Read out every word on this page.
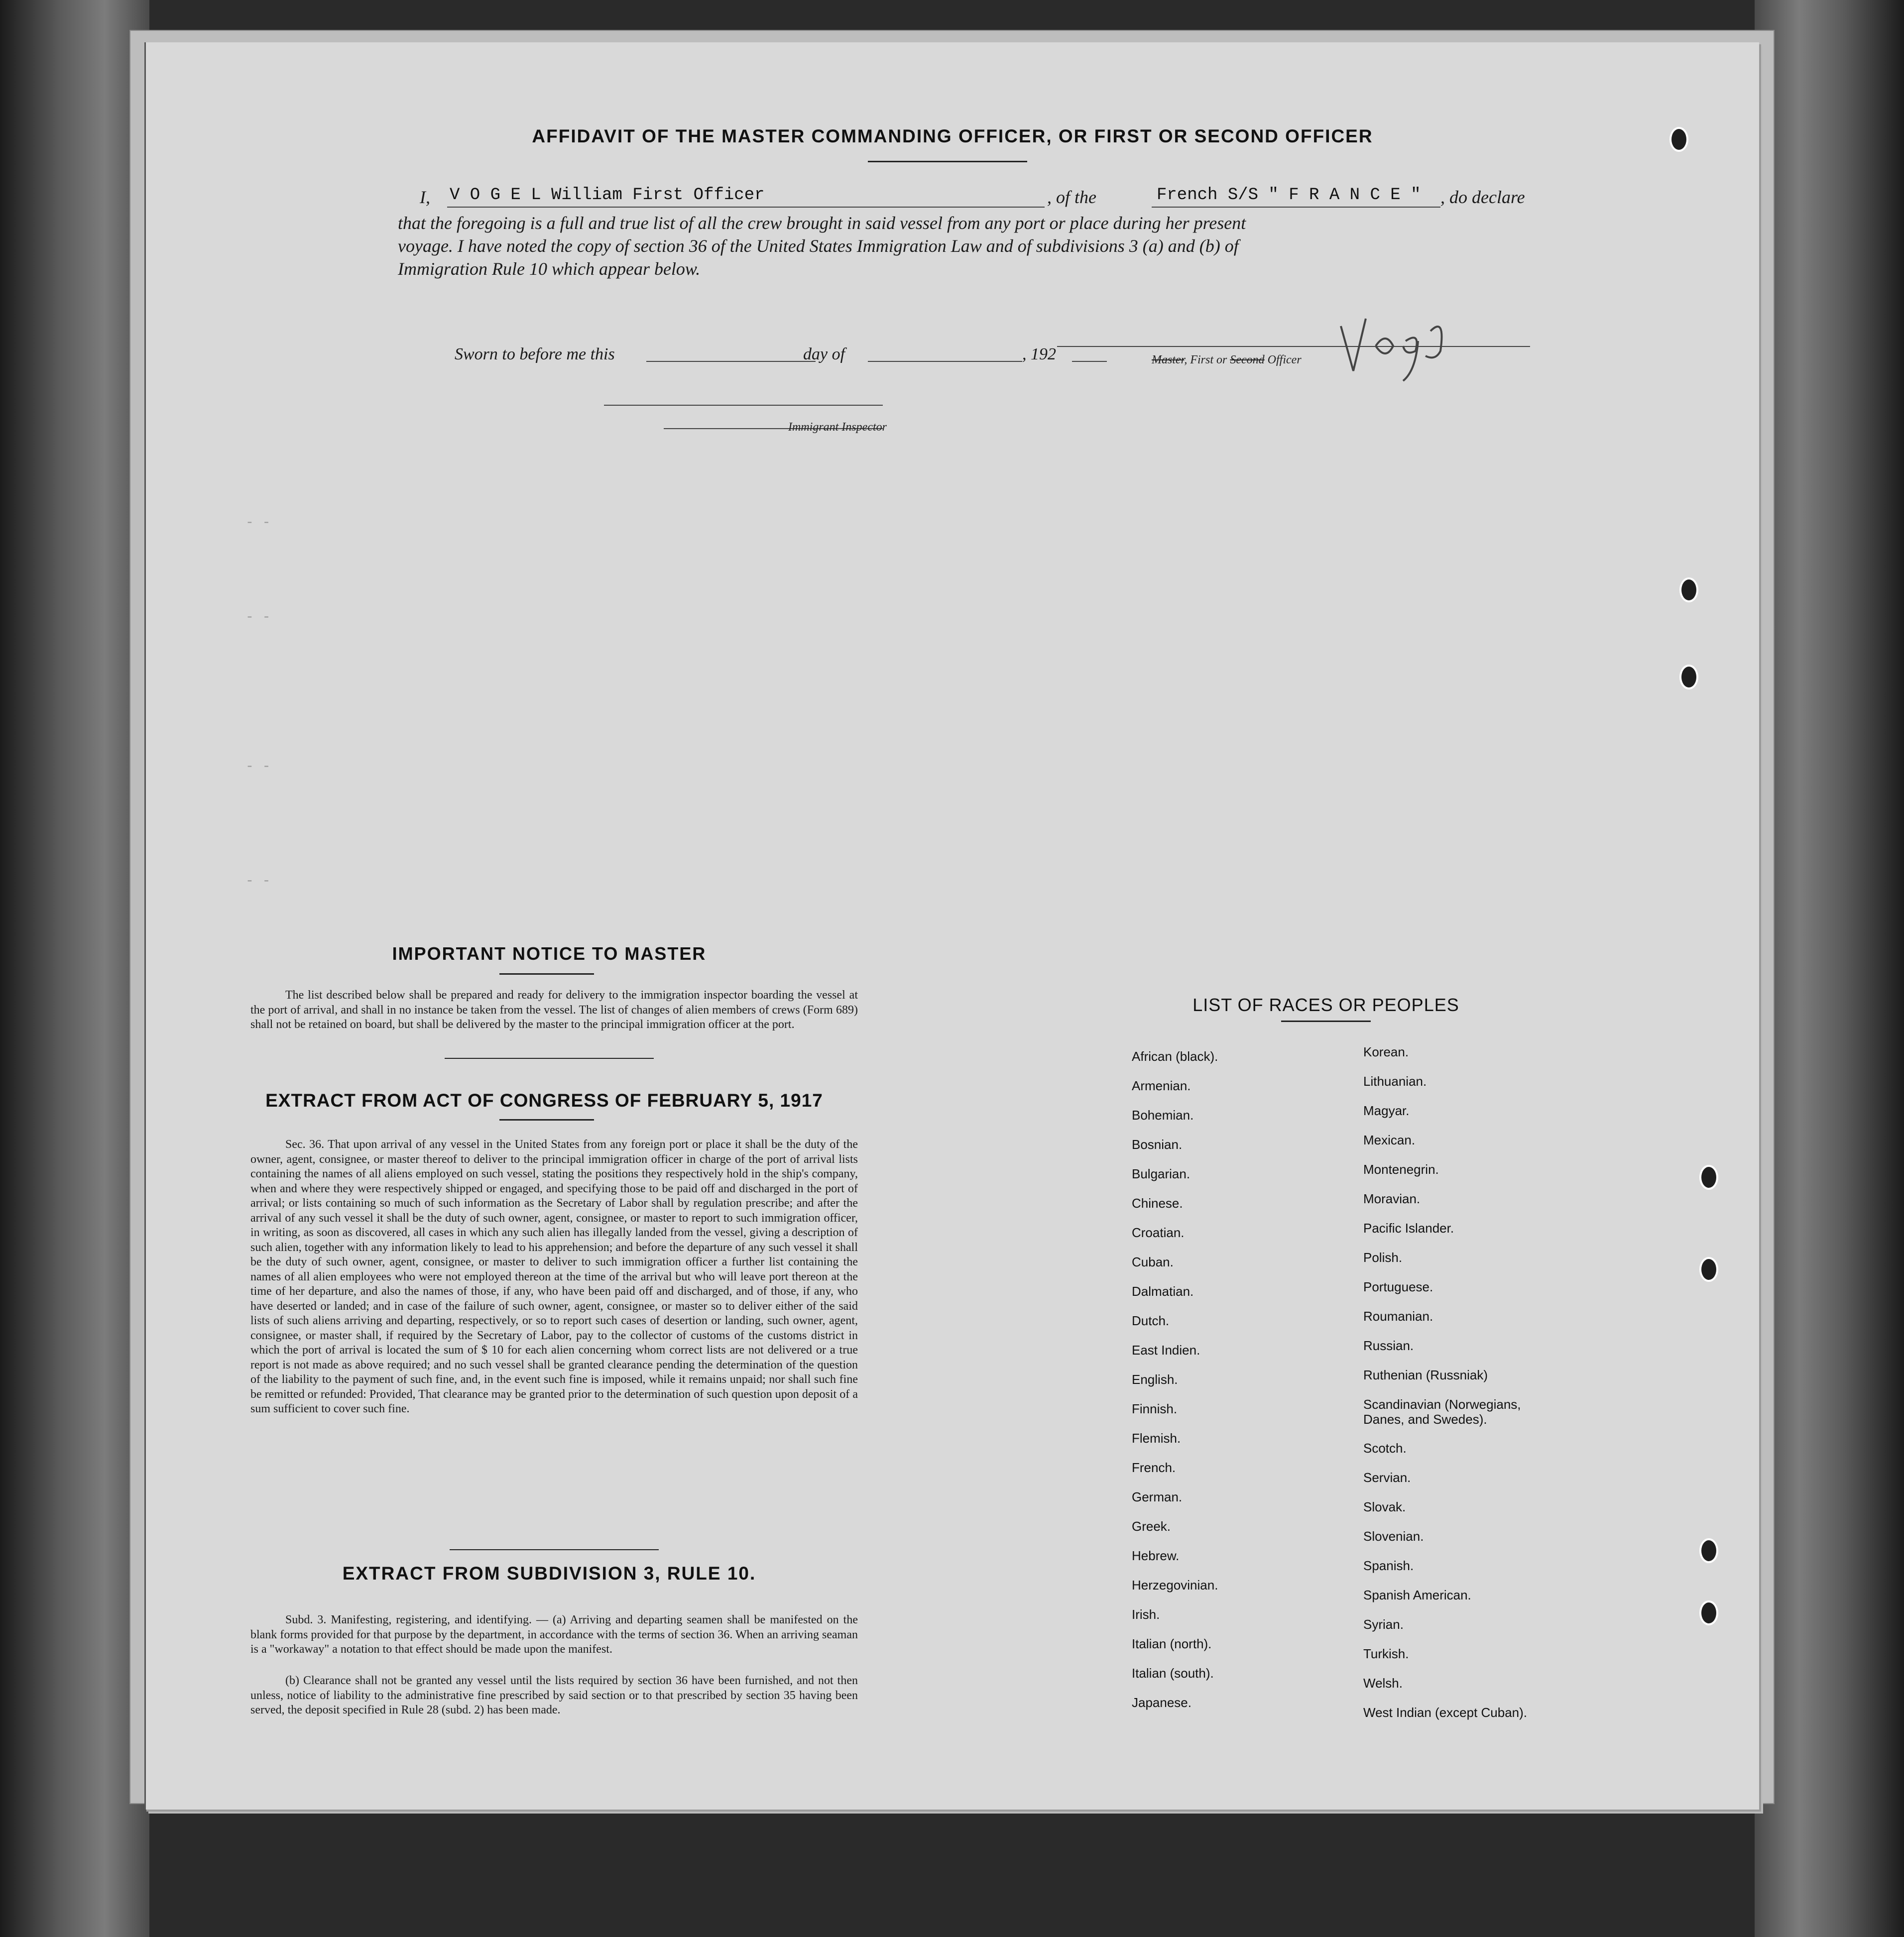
- -
- -
- -
- -
AFFIDAVIT OF THE MASTER COMMANDING OFFICER, OR FIRST OR SECOND OFFICER
I, V O G E L William First Officer	, of the	French S/S " F R A N C E " , do declare
that the foregoing is a full and true list of all the crew brought in said vessel from any port or place during her present
voyage. I have noted the copy of section 36 of the United States Immigration Law and of subdivisions 3 (a) and (b) of
Immigration Rule 10 which appear below.
Master, First or Second Officer
Sworn to before me this	day of	, 192
Immigrant Inspector
IMPORTANT NOTICE TO MASTER
The list described below shall be prepared and ready for delivery to the immigration inspector boarding the vessel at the port of arrival, and shall in no instance be taken from the vessel. The list of changes of alien members of crews (Form 689) shall not be retained on board, but shall be delivered by the master to the principal immigration officer at the port.
EXTRACT FROM ACT OF CONGRESS OF FEBRUARY 5, 1917
Sec. 36. That upon arrival of any vessel in the United States from any foreign port or place it shall be the duty of the owner, agent, consignee, or master thereof to deliver to the principal immigration officer in charge of the port of arrival lists containing the names of all aliens employed on such vessel, stating the positions they respectively hold in the ship's company, when and where they were respectively shipped or engaged, and specifying those to be paid off and discharged in the port of arrival; or lists containing so much of such information as the Secretary of Labor shall by regulation prescribe; and after the arrival of any such vessel it shall be the duty of such owner, agent, consignee, or master to report to such immigration officer, in writing, as soon as discovered, all cases in which any such alien has illegally landed from the vessel, giving a description of such alien, together with any information likely to lead to his apprehension; and before the departure of any such vessel it shall be the duty of such owner, agent, consignee, or master to deliver to such immigration officer a further list containing the names of all alien employees who were not employed thereon at the time of the arrival but who will leave port thereon at the time of her departure, and also the names of those, if any, who have been paid off and discharged, and of those, if any, who have deserted or landed; and in case of the failure of such owner, agent, consignee, or master so to deliver either of the said lists of such aliens arriving and departing, respectively, or so to report such cases of desertion or landing, such owner, agent, consignee, or master shall, if required by the Secretary of Labor, pay to the collector of customs of the customs district in which the port of arrival is located the sum of $ 10 for each alien concerning whom correct lists are not delivered or a true report is not made as above required; and no such vessel shall be granted clearance pending the determination of the question of the liability to the payment of such fine, and, in the event such fine is imposed, while it remains unpaid; nor shall such fine be remitted or refunded: Provided, That clearance may be granted prior to the determination of such question upon deposit of a sum sufficient to cover such fine.
EXTRACT FROM SUBDIVISION 3, RULE 10.
Subd. 3. Manifesting, registering, and identifying. — (a) Arriving and departing seamen shall be manifested on the blank forms provided for that purpose by the department, in accordance with the terms of section 36. When an arriving seaman is a "workaway" a notation to that effect should be made upon the manifest.
(b) Clearance shall not be granted any vessel until the lists required by section 36 have been furnished, and not then unless, notice of liability to the administrative fine prescribed by said section or to that prescribed by section 35 having been served, the deposit specified in Rule 28 (subd. 2) has been made.
LIST OF RACES OR PEOPLES
African (black).
Armenian.
Bohemian.
Bosnian.
Bulgarian.
Chinese.
Croatian.
Cuban.
Dalmatian.
Dutch.
East Indien.
English.
Finnish.
Flemish.
French.
German.
Greek.
Hebrew.
Herzegovinian.
Irish.
Italian (north).
Italian (south).
Japanese.
Korean.
Lithuanian.
Magyar.
Mexican.
Montenegrin.
Moravian.
Pacific Islander.
Polish.
Portuguese.
Roumanian.
Russian.
Ruthenian (Russniak)
Scandinavian (Norwegians, Danes, and Swedes).
Scotch.
Servian.
Slovak.
Slovenian.
Spanish.
Spanish American.
Syrian.
Turkish.
Welsh.
West Indian (except Cuban).
